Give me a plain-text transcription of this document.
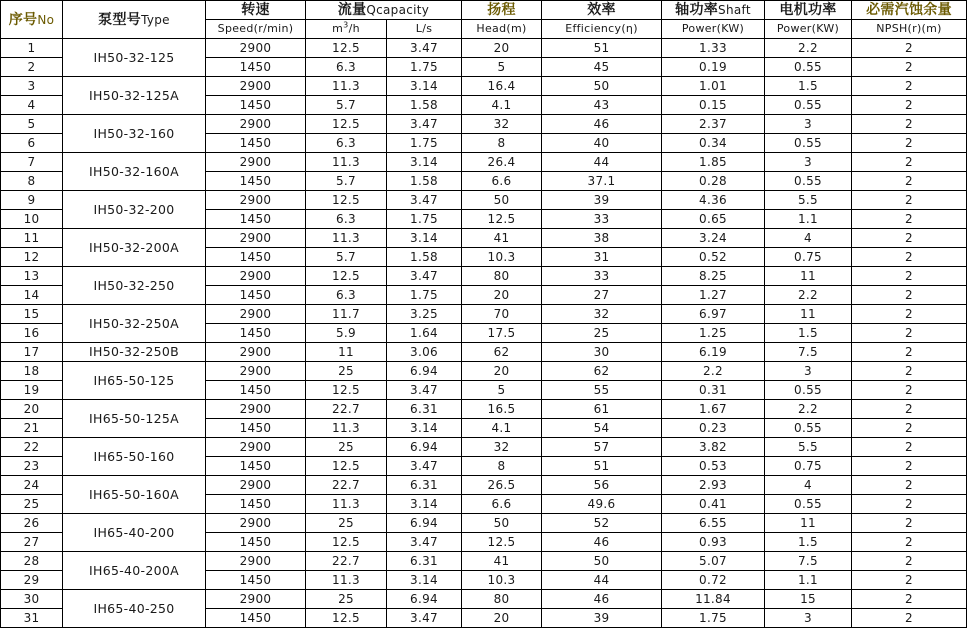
序号No	泵型号Type	转速	流量Qcapacity		扬程	效率	轴功率Shaft	电机功率	必需汽蚀余量
		Speed(r/min)	$m^3/h$	L/s	Head(m)	Efficiency(η)	Power(KW)	Power(KW)	NPSH(r)(m)
1	IH50-32-125	2900	12.5	3.47	20	51	1.33	2.2	2
2		1450	6.3	1.75	5	45	0.19	0.55	2
3	IH50-32-125A	2900	11.3	3.14	16.4	50	1.01	1.5	2
4		1450	5.7	1.58	4.1	43	0.15	0.55	2
5	IH50-32-160	2900	12.5	3.47	32	46	2.37	3	2
6		1450	6.3	1.75	8	40	0.34	0.55	2
7	IH50-32-160A	2900	11.3	3.14	26.4	44	1.85	3	2
8		1450	5.7	1.58	6.6	37.1	0.28	0.55	2
9	IH50-32-200	2900	12.5	3.47	50	39	4.36	5.5	2
10		1450	6.3	1.75	12.5	33	0.65	1.1	2
11	IH50-32-200A	2900	11.3	3.14	41	38	3.24	4	2
12		1450	5.7	1.58	10.3	31	0.52	0.75	2
13	IH50-32-250	2900	12.5	3.47	80	33	8.25	11	2
14		1450	6.3	1.75	20	27	1.27	2.2	2
15	IH50-32-250A	2900	11.7	3.25	70	32	6.97	11	2
16		1450	5.9	1.64	17.5	25	1.25	1.5	2
17	IH50-32-250B	2900	11	3.06	62	30	6.19	7.5	2
18	IH65-50-125	2900	25	6.94	20	62	2.2	3	2
19		1450	12.5	3.47	5	55	0.31	0.55	2
20	IH65-50-125A	2900	22.7	6.31	16.5	61	1.67	2.2	2
21		1450	11.3	3.14	4.1	54	0.23	0.55	2
22	IH65-50-160	2900	25	6.94	32	57	3.82	5.5	2
23		1450	12.5	3.47	8	51	0.53	0.75	2
24	IH65-50-160A	2900	22.7	6.31	26.5	56	2.93	4	2
25		1450	11.3	3.14	6.6	49.6	0.41	0.55	2
26	IH65-40-200	2900	25	6.94	50	52	6.55	11	2
27		1450	12.5	3.47	12.5	46	0.93	1.5	2
28	IH65-40-200A	2900	22.7	6.31	41	50	5.07	7.5	2
29		1450	11.3	3.14	10.3	44	0.72	1.1	2
30	IH65-40-250	2900	25	6.94	80	46	11.84	15	2
31		1450	12.5	3.47	20	39	1.75	3	2
